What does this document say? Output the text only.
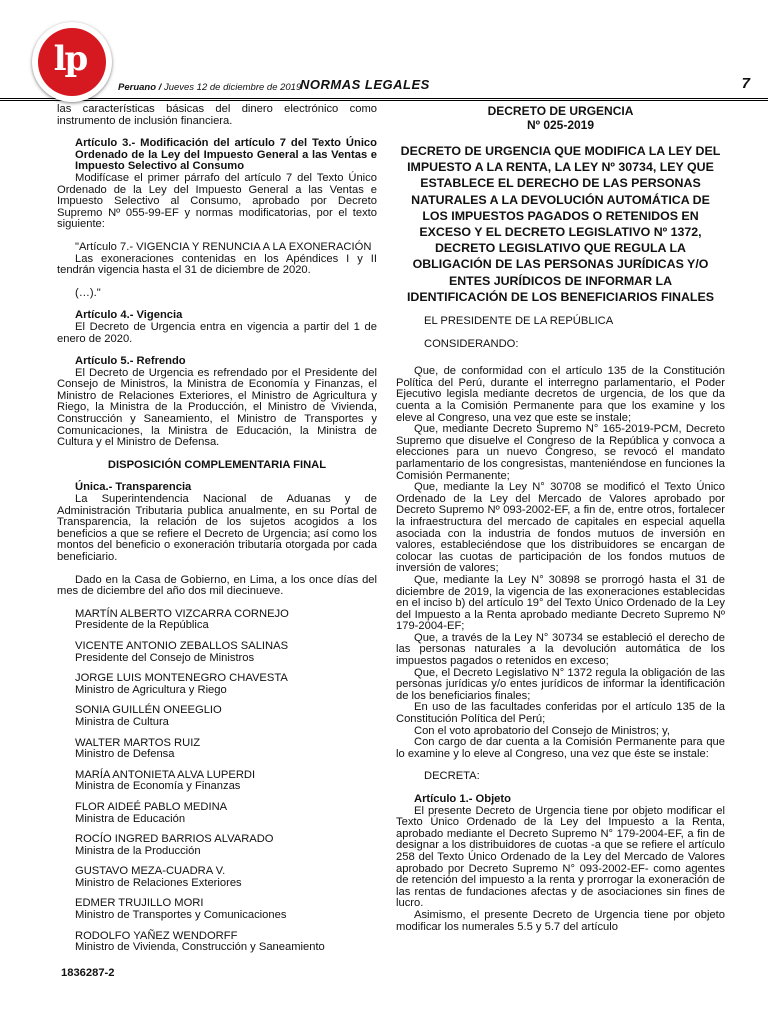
lp
Peruano / Jueves 12 de diciembre de 2019
NORMAS LEGALES	7

las características básicas del dinero electrónico como instrumento de inclusión financiera.

Artículo 3.- Modificación del artículo 7 del Texto Único Ordenado de la Ley del Impuesto General a las Ventas e Impuesto Selectivo al Consumo

Modifícase el primer párrafo del artículo 7 del Texto Único Ordenado de la Ley del Impuesto General a las Ventas e Impuesto Selectivo al Consumo, aprobado por Decreto Supremo Nº 055-99-EF y normas modificatorias, por el texto siguiente:

"Artículo 7.- VIGENCIA Y RENUNCIA A LA EXONERACIÓN

Las exoneraciones contenidas en los Apéndices I y II tendrán vigencia hasta el 31 de diciembre de 2020.

(…)."

Artículo 4.- Vigencia

El Decreto de Urgencia entra en vigencia a partir del 1 de enero de 2020.

Artículo 5.- Refrendo

El Decreto de Urgencia es refrendado por el Presidente del Consejo de Ministros, la Ministra de Economía y Finanzas, el Ministro de Relaciones Exteriores, el Ministro de Agricultura y Riego, la Ministra de la Producción, el Ministro de Vivienda, Construcción y Saneamiento, el Ministro de Transportes y Comunicaciones, la Ministra de Educación, la Ministra de Cultura y el Ministro de Defensa.

DISPOSICIÓN COMPLEMENTARIA FINAL

Única.- Transparencia

La Superintendencia Nacional de Aduanas y de Administración Tributaria publica anualmente, en su Portal de Transparencia, la relación de los sujetos acogidos a los beneficios a que se refiere el Decreto de Urgencia; así como los montos del beneficio o exoneración tributaria otorgada por cada beneficiario.

Dado en la Casa de Gobierno, en Lima, a los once días del mes de diciembre del año dos mil diecinueve.

MARTÍN ALBERTO VIZCARRA CORNEJO

Presidente de la República

VICENTE ANTONIO ZEBALLOS SALINAS

Presidente del Consejo de Ministros

JORGE LUIS MONTENEGRO CHAVESTA

Ministro de Agricultura y Riego

SONIA GUILLÉN ONEEGLIO

Ministra de Cultura

WALTER MARTOS RUIZ

Ministro de Defensa

MARÍA ANTONIETA ALVA LUPERDI

Ministra de Economía y Finanzas

FLOR AIDEÉ PABLO MEDINA

Ministra de Educación

ROCÍO INGRED BARRIOS ALVARADO

Ministra de la Producción

GUSTAVO MEZA-CUADRA V.

Ministro de Relaciones Exteriores

EDMER TRUJILLO MORI

Ministro de Transportes y Comunicaciones

RODOLFO YAÑEZ WENDORFF

Ministro de Vivienda, Construcción y Saneamiento

1836287-2

DECRETO DE URGENCIA

Nº 025-2019

DECRETO DE URGENCIA QUE MODIFICA LA LEY DEL IMPUESTO A LA RENTA, LA LEY Nº 30734, LEY QUE ESTABLECE EL DERECHO DE LAS PERSONAS NATURALES A LA DEVOLUCIÓN AUTOMÁTICA DE LOS IMPUESTOS PAGADOS O RETENIDOS EN EXCESO Y EL DECRETO LEGISLATIVO Nº 1372, DECRETO LEGISLATIVO QUE REGULA LA OBLIGACIÓN DE LAS PERSONAS JURÍDICAS Y/O ENTES JURÍDICOS DE INFORMAR LA IDENTIFICACIÓN DE LOS BENEFICIARIOS FINALES

EL PRESIDENTE DE LA REPÚBLICA

CONSIDERANDO:

Que, de conformidad con el artículo 135 de la Constitución Política del Perú, durante el interregno parlamentario, el Poder Ejecutivo legisla mediante decretos de urgencia, de los que da cuenta a la Comisión Permanente para que los examine y los eleve al Congreso, una vez que este se instale;

Que, mediante Decreto Supremo N° 165-2019-PCM, Decreto Supremo que disuelve el Congreso de la República y convoca a elecciones para un nuevo Congreso, se revocó el mandato parlamentario de los congresistas, manteniéndose en funciones la Comisión Permanente;

Que, mediante la Ley N° 30708 se modificó el Texto Único Ordenado de la Ley del Mercado de Valores aprobado por Decreto Supremo Nº 093-2002-EF, a fin de, entre otros, fortalecer la infraestructura del mercado de capitales en especial aquella asociada con la industria de fondos mutuos de inversión en valores, estableciéndose que los distribuidores se encargan de colocar las cuotas de participación de los fondos mutuos de inversión de valores;

Que, mediante la Ley N° 30898 se prorrogó hasta el 31 de diciembre de 2019, la vigencia de las exoneraciones establecidas en el inciso b) del artículo 19° del Texto Único Ordenado de la Ley del Impuesto a la Renta aprobado mediante Decreto Supremo Nº 179-2004-EF;

Que, a través de la Ley N° 30734 se estableció el derecho de las personas naturales a la devolución automática de los impuestos pagados o retenidos en exceso;

Que, el Decreto Legislativo N° 1372 regula la obligación de las personas jurídicas y/o entes jurídicos de informar la identificación de los beneficiarios finales;

En uso de las facultades conferidas por el artículo 135 de la Constitución Política del Perú;

Con el voto aprobatorio del Consejo de Ministros; y,

Con cargo de dar cuenta a la Comisión Permanente para que lo examine y lo eleve al Congreso, una vez que éste se instale:

DECRETA:

Artículo 1.- Objeto

El presente Decreto de Urgencia tiene por objeto modificar el Texto Único Ordenado de la Ley del Impuesto a la Renta, aprobado mediante el Decreto Supremo N° 179-2004-EF, a fin de designar a los distribuidores de cuotas -a que se refiere el artículo 258 del Texto Único Ordenado de la Ley del Mercado de Valores aprobado por Decreto Supremo N° 093-2002-EF- como agentes de retención del impuesto a la renta y prorrogar la exoneración de las rentas de fundaciones afectas y de asociaciones sin fines de lucro.

Asimismo, el presente Decreto de Urgencia tiene por objeto modificar los numerales 5.5 y 5.7 del artículo
